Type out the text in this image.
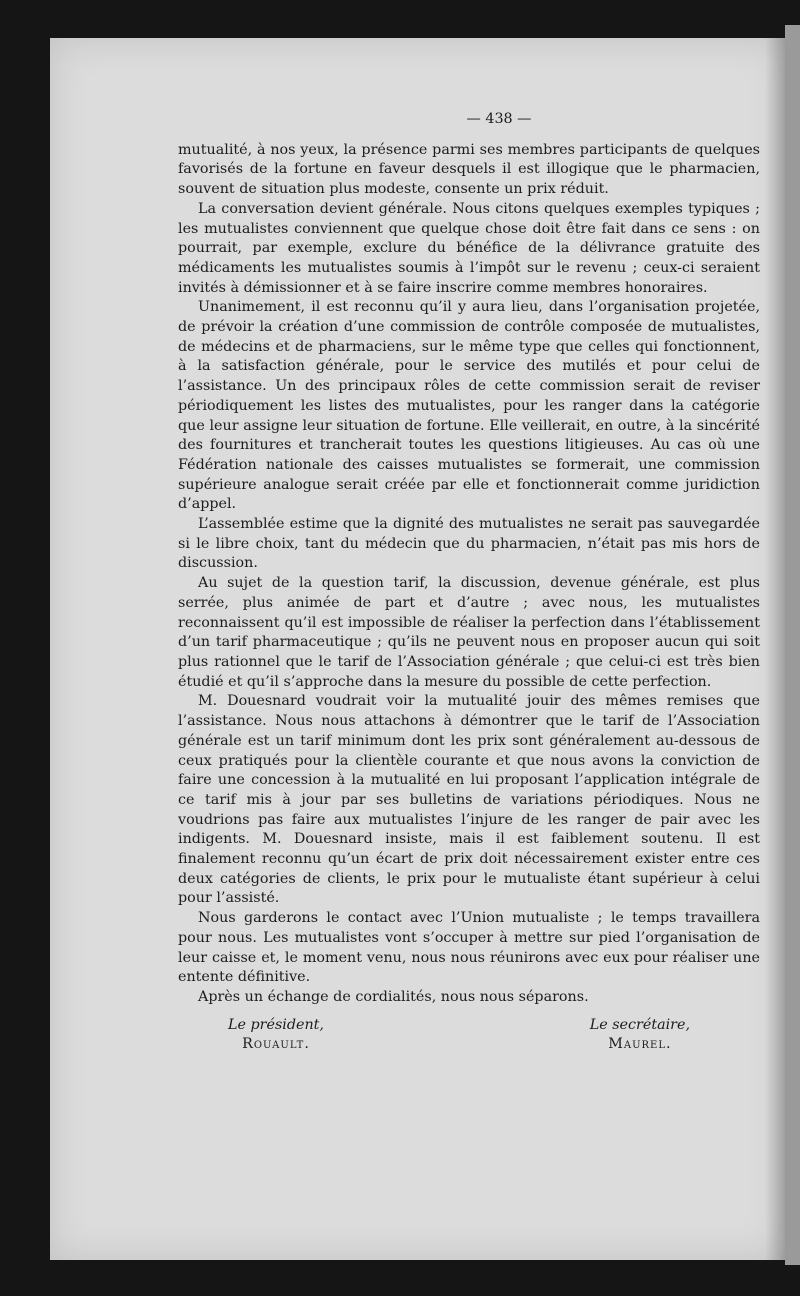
— 438 —

mutualité, à nos yeux, la présence parmi ses membres participants de quelques favorisés de la fortune en faveur desquels il est illogique que le pharmacien, souvent de situation plus modeste, consente un prix réduit.

La conversation devient générale. Nous citons quelques exemples typiques ; les mutualistes conviennent que quelque chose doit être fait dans ce sens : on pourrait, par exemple, exclure du bénéfice de la délivrance gratuite des médicaments les mutualistes soumis à l’impôt sur le revenu ; ceux-ci seraient invités à démissionner et à se faire inscrire comme membres honoraires.

Unanimement, il est reconnu qu’il y aura lieu, dans l’organisation projetée, de prévoir la création d’une commission de contrôle composée de mutualistes, de médecins et de pharmaciens, sur le même type que celles qui fonctionnent, à la satisfaction générale, pour le service des mutilés et pour celui de l’assistance. Un des principaux rôles de cette commission serait de reviser périodiquement les listes des mutualistes, pour les ranger dans la catégorie que leur assigne leur situation de fortune. Elle veillerait, en outre, à la sincérité des fournitures et trancherait toutes les questions litigieuses. Au cas où une Fédération nationale des caisses mutualistes se formerait, une commission supérieure analogue serait créée par elle et fonctionnerait comme juridiction d’appel.

L’assemblée estime que la dignité des mutualistes ne serait pas sauvegardée si le libre choix, tant du médecin que du pharmacien, n’était pas mis hors de discussion.

Au sujet de la question tarif, la discussion, devenue générale, est plus serrée, plus animée de part et d’autre ; avec nous, les mutualistes reconnaissent qu’il est impossible de réaliser la perfection dans l’établissement d’un tarif pharmaceutique ; qu’ils ne peuvent nous en proposer aucun qui soit plus rationnel que le tarif de l’Association générale ; que celui-ci est très bien étudié et qu’il s’approche dans la mesure du possible de cette perfection.

M. Douesnard voudrait voir la mutualité jouir des mêmes remises que l’assistance. Nous nous attachons à démontrer que le tarif de l’Association générale est un tarif minimum dont les prix sont généralement au-dessous de ceux pratiqués pour la clientèle courante et que nous avons la conviction de faire une concession à la mutualité en lui proposant l’application intégrale de ce tarif mis à jour par ses bulletins de variations périodiques. Nous ne voudrions pas faire aux mutualistes l’injure de les ranger de pair avec les indigents. M. Douesnard insiste, mais il est faiblement soutenu. Il est finalement reconnu qu’un écart de prix doit nécessairement exister entre ces deux catégories de clients, le prix pour le mutualiste étant supérieur à celui pour l’assisté.

Nous garderons le contact avec l’Union mutualiste ; le temps travaillera pour nous. Les mutualistes vont s’occuper à mettre sur pied l’organisation de leur caisse et, le moment venu, nous nous réunirons avec eux pour réaliser une entente définitive.

Après un échange de cordialités, nous nous séparons.

Le président,
Rouault.
Le secrétaire,
Maurel.
